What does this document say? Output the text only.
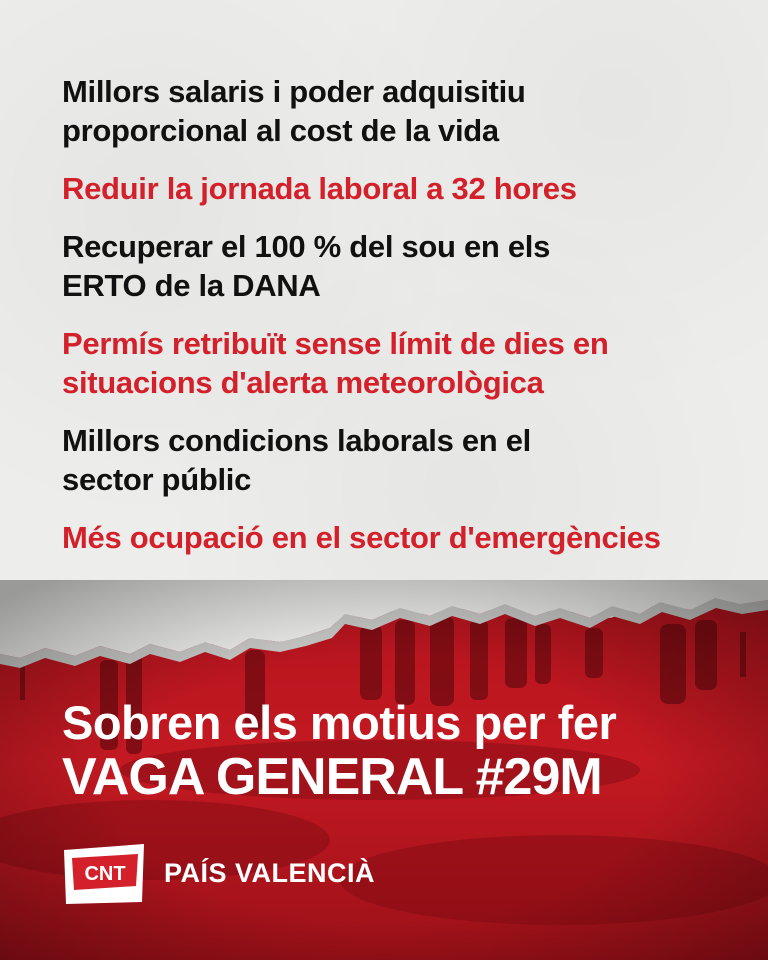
Millors salaris i poder adquisitiu
proporcional al cost de la vida
Reduir la jornada laboral a 32 hores
Recuperar el 100 % del sou en els
ERTO de la DANA
Permís retribuït sense límit de dies en
situacions d'alerta meteorològica
Millors condicions laborals en el
sector públic
Més ocupació en el sector d'emergències
Sobren els motius per fer
VAGA GENERAL #29M
CNT PAÍS VALENCIÀ
